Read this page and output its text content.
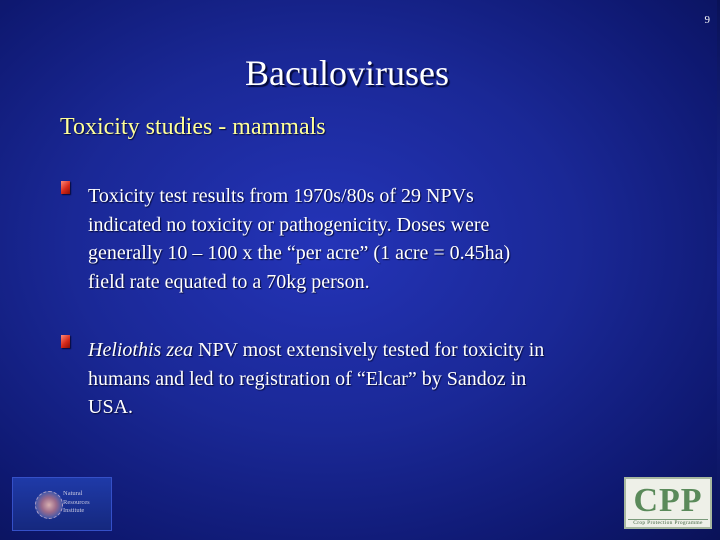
9
Baculoviruses
Toxicity studies - mammals
Toxicity test results from 1970s/80s of 29 NPVs
indicated no toxicity or pathogenicity. Doses were
generally 10 – 100 x the “per acre” (1 acre = 0.45ha)
field rate equated to a 70kg person.
Heliothis zea NPV most extensively tested for toxicity in
humans and led to registration of “Elcar” by Sandoz in
USA.
Natural
Resources
Institute	CPP
Crop Protection Programme
